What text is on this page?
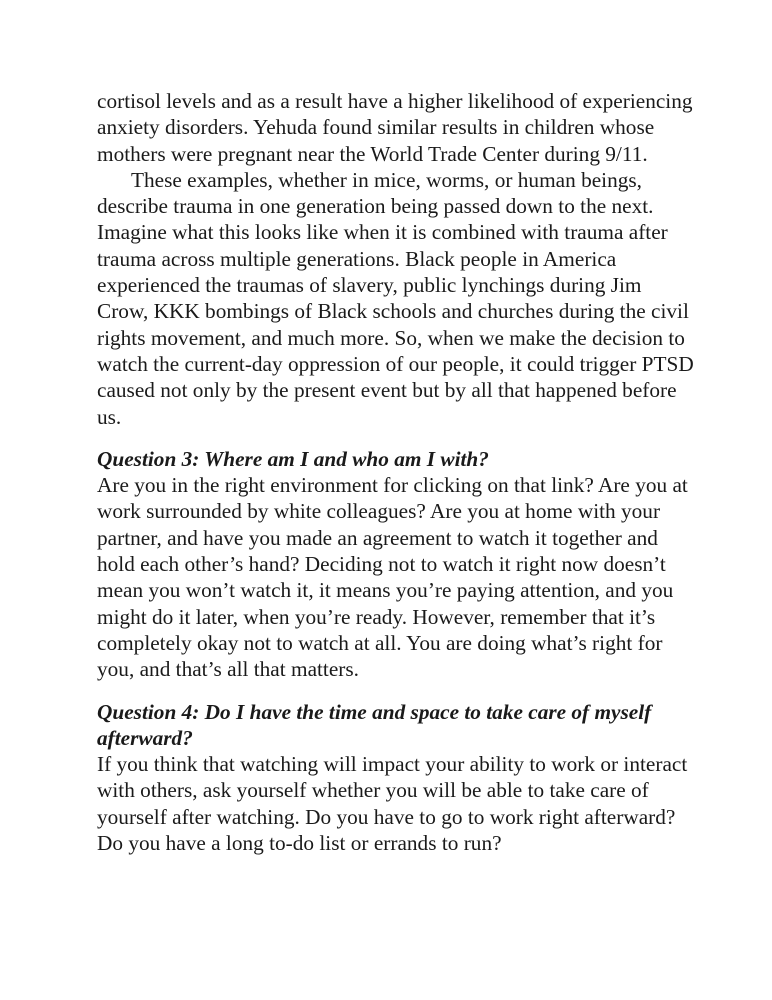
cortisol levels and as a result have a higher likelihood of experiencing anxiety disorders. Yehuda found similar results in children whose mothers were pregnant near the World Trade Center during 9/11.

These examples, whether in mice, worms, or human beings, describe trauma in one generation being passed down to the next. Imagine what this looks like when it is combined with trauma after trauma across multiple generations. Black people in America experienced the traumas of slavery, public lynchings during Jim Crow, KKK bombings of Black schools and churches during the civil rights movement, and much more. So, when we make the decision to watch the current-day oppression of our people, it could trigger PTSD caused not only by the present event but by all that happened before us.

Question 3: Where am I and who am I with?

Are you in the right environment for clicking on that link? Are you at work surrounded by white colleagues? Are you at home with your partner, and have you made an agreement to watch it together and hold each other’s hand? Deciding not to watch it right now doesn’t mean you won’t watch it, it means you’re paying attention, and you might do it later, when you’re ready. However, remember that it’s completely okay not to watch at all. You are doing what’s right for you, and that’s all that matters.

Question 4: Do I have the time and space to take care of myself afterward?

If you think that watching will impact your ability to work or interact with others, ask yourself whether you will be able to take care of yourself after watching. Do you have to go to work right afterward? Do you have a long to-do list or errands to run?
